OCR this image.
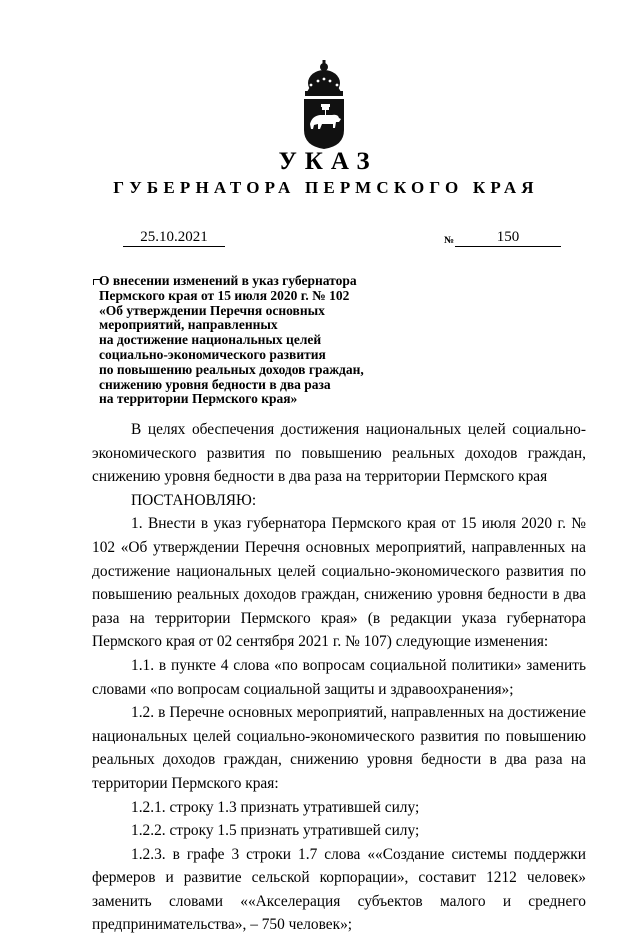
УКАЗ
ГУБЕРНАТОРА ПЕРМСКОГО КРАЯ
25.10.2021	№	150
О внесении изменений в указ губернатора
Пермского края от 15 июля 2020 г. № 102
«Об утверждении Перечня основных
мероприятий, направленных
на достижение национальных целей
социально-экономического развития
по повышению реальных доходов граждан,
снижению уровня бедности в два раза
на территории Пермского края»

В целях обеспечения достижения национальных целей социально-экономического развития по повышению реальных доходов граждан, снижению уровня бедности в два раза на территории Пермского края

ПОСТАНОВЛЯЮ:

1. Внести в указ губернатора Пермского края от 15 июля 2020 г. № 102 «Об утверждении Перечня основных мероприятий, направленных на достижение национальных целей социально-экономического развития по повышению реальных доходов граждан, снижению уровня бедности в два раза на территории Пермского края» (в редакции указа губернатора Пермского края от 02 сентября 2021 г. № 107) следующие изменения:

1.1. в пункте 4 слова «по вопросам социальной политики» заменить словами «по вопросам социальной защиты и здравоохранения»;

1.2. в Перечне основных мероприятий, направленных на достижение национальных целей социально-экономического развития по повышению реальных доходов граждан, снижению уровня бедности в два раза на территории Пермского края:

1.2.1. строку 1.3 признать утратившей силу;

1.2.2. строку 1.5 признать утратившей силу;

1.2.3. в графе 3 строки 1.7 слова ««Создание системы поддержки фермеров и развитие сельской корпорации», составит 1212 человек» заменить словами ««Акселерация субъектов малого и среднего предпринимательства», – 750 человек»;
